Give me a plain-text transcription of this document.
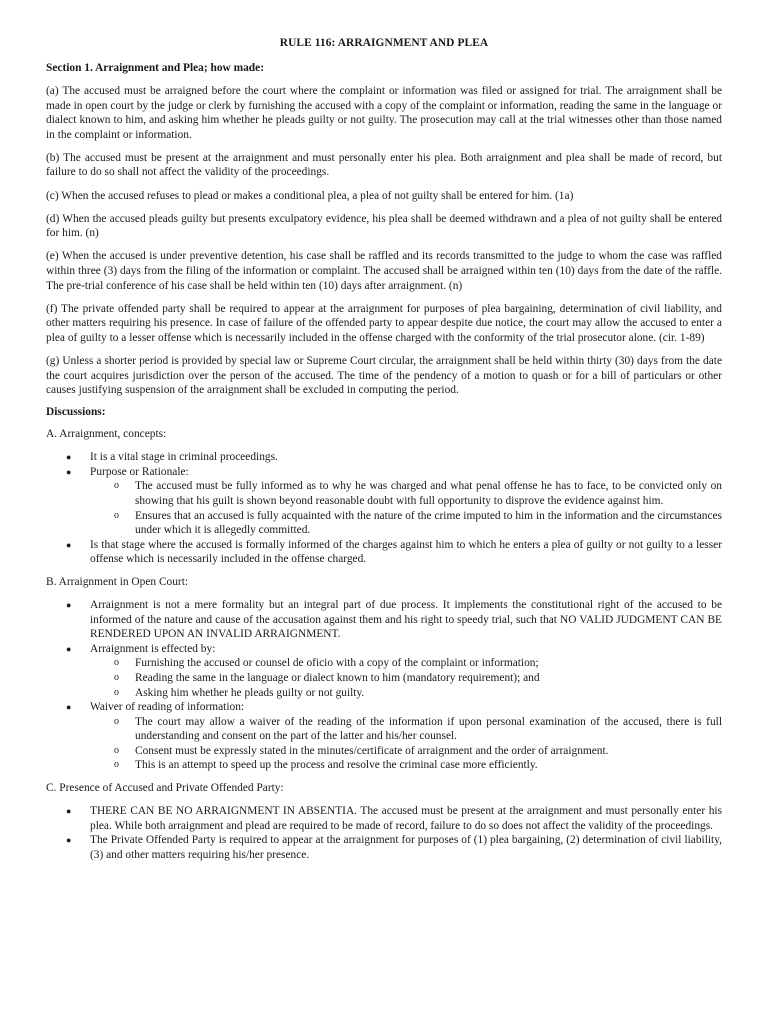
RULE 116: ARRAIGNMENT AND PLEA
Section 1. Arraignment and Plea; how made:

(a) The accused must be arraigned before the court where the complaint or information was filed or assigned for trial. The arraignment shall be made in open court by the judge or clerk by furnishing the accused with a copy of the complaint or information, reading the same in the language or dialect known to him, and asking him whether he pleads guilty or not guilty. The prosecution may call at the trial witnesses other than those named in the complaint or information.

(b) The accused must be present at the arraignment and must personally enter his plea. Both arraignment and plea shall be made of record, but failure to do so shall not affect the validity of the proceedings.

(c) When the accused refuses to plead or makes a conditional plea, a plea of not guilty shall be entered for him. (1a)

(d) When the accused pleads guilty but presents exculpatory evidence, his plea shall be deemed withdrawn and a plea of not guilty shall be entered for him. (n)

(e) When the accused is under preventive detention, his case shall be raffled and its records transmitted to the judge to whom the case was raffled within three (3) days from the filing of the information or complaint. The accused shall be arraigned within ten (10) days from the date of the raffle. The pre-trial conference of his case shall be held within ten (10) days after arraignment. (n)

(f) The private offended party shall be required to appear at the arraignment for purposes of plea bargaining, determination of civil liability, and other matters requiring his presence. In case of failure of the offended party to appear despite due notice, the court may allow the accused to enter a plea of guilty to a lesser offense which is necessarily included in the offense charged with the conformity of the trial prosecutor alone. (cir. 1-89)

(g) Unless a shorter period is provided by special law or Supreme Court circular, the arraignment shall be held within thirty (30) days from the date the court acquires jurisdiction over the person of the accused. The time of the pendency of a motion to quash or for a bill of particulars or other causes justifying suspension of the arraignment shall be excluded in computing the period.

Discussions:
A. Arraignment, concepts:
● It is a vital stage in criminal proceedings.
● Purpose or Rationale:
o The accused must be fully informed as to why he was charged and what penal offense he has to face, to be convicted only on showing that his guilt is shown beyond reasonable doubt with full opportunity to disprove the evidence against him.
o Ensures that an accused is fully acquainted with the nature of the crime imputed to him in the information and the circumstances under which it is allegedly committed.
● Is that stage where the accused is formally informed of the charges against him to which he enters a plea of guilty or not guilty to a lesser offense which is necessarily included in the offense charged.
B. Arraignment in Open Court:
● Arraignment is not a mere formality but an integral part of due process. It implements the constitutional right of the accused to be informed of the nature and cause of the accusation against them and his right to speedy trial, such that NO VALID JUDGMENT CAN BE RENDERED UPON AN INVALID ARRAIGNMENT.
● Arraignment is effected by:
o Furnishing the accused or counsel de oficio with a copy of the complaint or information;
o Reading the same in the language or dialect known to him (mandatory requirement); and
o Asking him whether he pleads guilty or not guilty.
● Waiver of reading of information:
o The court may allow a waiver of the reading of the information if upon personal examination of the accused, there is full understanding and consent on the part of the latter and his/her counsel.
o Consent must be expressly stated in the minutes/certificate of arraignment and the order of arraignment.
o This is an attempt to speed up the process and resolve the criminal case more efficiently.
C. Presence of Accused and Private Offended Party:
● THERE CAN BE NO ARRAIGNMENT IN ABSENTIA. The accused must be present at the arraignment and must personally enter his plea. While both arraignment and plead are required to be made of record, failure to do so does not affect the validity of the proceedings.
● The Private Offended Party is required to appear at the arraignment for purposes of (1) plea bargaining, (2) determination of civil liability, (3) and other matters requiring his/her presence.
